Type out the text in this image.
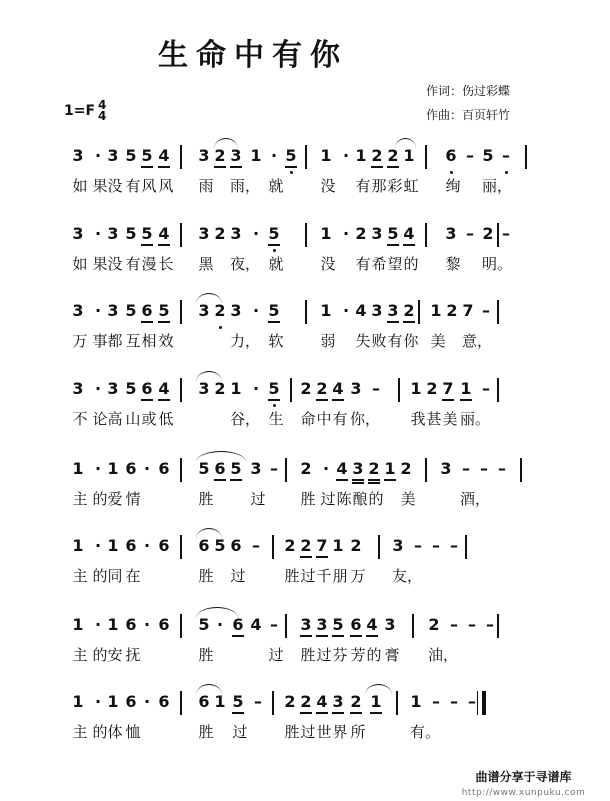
生命中有你
作词：伤过彩蝶
作曲：百页轩竹
1=F 4
4
3 · 3 5 5 4 3 2 3 1 · 5 1 · 1 2 2 1 6 – 5 –
如 果 没 有 风 风 雨 雨， 就 没 有 那 彩 虹 绚 丽，
3 · 3 5 5 4 3 2 3 · 5	1 · 2 3 5 4 3 – 2 –
如 果 没 有 漫 长 黑 夜， 就 没 有 希 望 的 黎 明。
3 · 3 5 6 5 3 2 3 · 5	1 · 4 3 3 2 1 2 7 –
万 事 都 互 相 效	力， 软 弱 失 败 有 你 美 意，
3 · 3 5 6 4 3 2 1 · 5 2 2 4 3 – 1 2 7 1 –
不 论 高 山 或 低	谷， 生 命 中 有 你， 我 甚 美 丽。
1 · 1 6 · 6 5 6 5 3 – 2 · 4 3 2 1 2 3 – – –
主 的 爱 情	胜 过 胜 过 陈 酿 的 美	酒，
1 · 1 6 · 6 6 5 6 – 2 2 7 1 2 3 – – –
主 的 同 在	胜 过	胜 过 千 朋 万 友，
1 · 1 6 · 6 5 · 6 4 – 3 3 5 6 4 3 2 – – –
主 的 安 抚	胜	过 胜 过 芬 芳 的 膏 油，
1 · 1 6 · 6 6 1 5 – 2 2 4 3 2 1 1 – – –
主 的 体 恤	胜 过 胜 过 世 界 所	有。
曲谱分享于寻谱库
http://www.xunpuku.com
